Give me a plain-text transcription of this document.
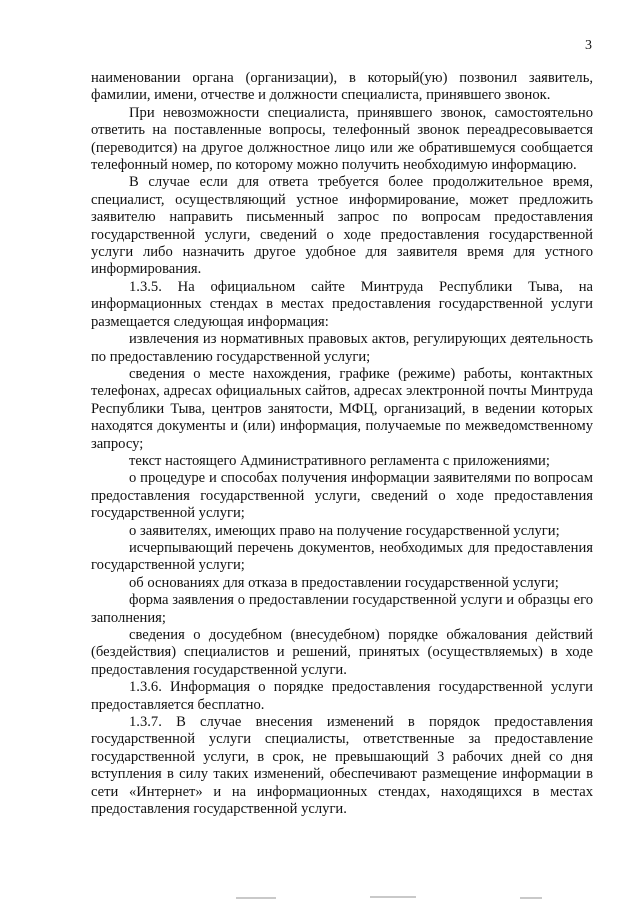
3

наименовании органа (организации), в который(ую) позвонил заявитель, фамилии, имени, отчестве и должности специалиста, принявшего звонок.

При невозможности специалиста, принявшего звонок, самостоятельно ответить на поставленные вопросы, телефонный звонок переадресовывается (переводится) на другое должностное лицо или же обратившемуся сообщается телефонный номер, по которому можно получить необходимую информацию.

В случае если для ответа требуется более продолжительное время, специалист, осуществляющий устное информирование, может предложить заявителю направить письменный запрос по вопросам предоставления государственной услуги, сведений о ходе предоставления государственной услуги либо назначить другое удобное для заявителя время для устного информирования.

1.3.5. На официальном сайте Минтруда Республики Тыва, на информационных стендах в местах предоставления государственной услуги размещается следующая информация:

извлечения из нормативных правовых актов, регулирующих деятельность по предоставлению государственной услуги;

сведения о месте нахождения, графике (режиме) работы, контактных телефонах, адресах официальных сайтов, адресах электронной почты Минтруда Республики Тыва, центров занятости, МФЦ, организаций, в ведении которых находятся документы и (или) информация, получаемые по межведомственному запросу;

текст настоящего Административного регламента с приложениями;

о процедуре и способах получения информации заявителями по вопросам предоставления государственной услуги, сведений о ходе предоставления государственной услуги;

о заявителях, имеющих право на получение государственной услуги;

исчерпывающий перечень документов, необходимых для предоставления государственной услуги;

об основаниях для отказа в предоставлении государственной услуги;

форма заявления о предоставлении государственной услуги и образцы его заполнения;

сведения о досудебном (внесудебном) порядке обжалования действий (бездействия) специалистов и решений, принятых (осуществляемых) в ходе предоставления государственной услуги.

1.3.6. Информация о порядке предоставления государственной услуги предоставляется бесплатно.

1.3.7. В случае внесения изменений в порядок предоставления государственной услуги специалисты, ответственные за предоставление государственной услуги, в срок, не превышающий 3 рабочих дней со дня вступления в силу таких изменений, обеспечивают размещение информации в сети «Интернет» и на информационных стендах, находящихся в местах предоставления государственной услуги.
